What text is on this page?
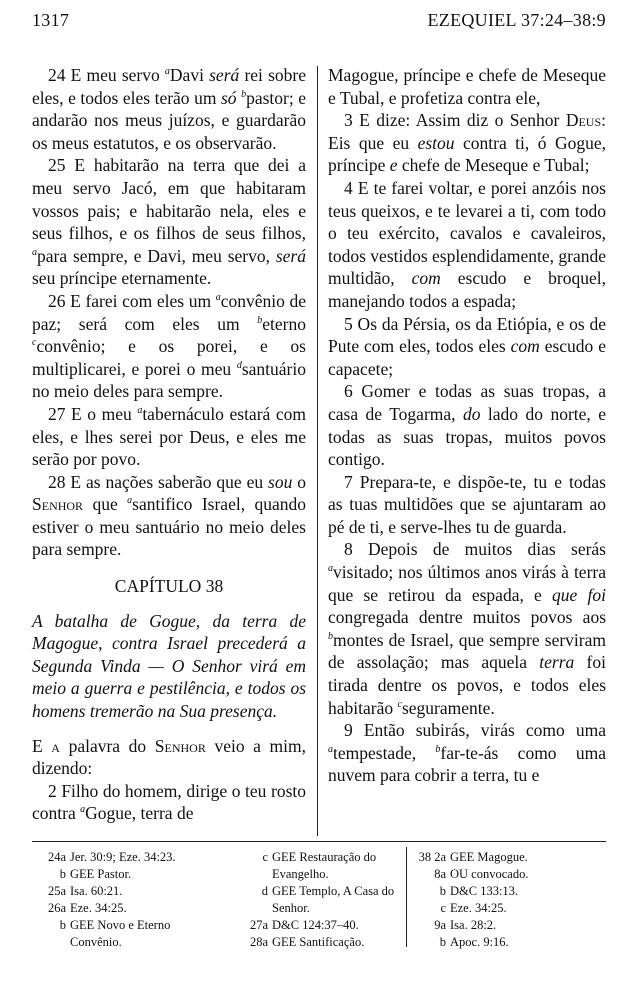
1317	EZEQUIEL 37:24–38:9

24 E meu servo $^a$Davi será rei sobre eles, e todos eles terão um só $^b$pastor; e andarão nos meus juízos, e guardarão os meus estatutos, e os observarão.

25 E habitarão na terra que dei a meu servo Jacó, em que habitaram vossos pais; e habitarão nela, eles e seus filhos, e os filhos de seus filhos, $^a$para sempre, e Davi, meu servo, será seu príncipe eternamente.

26 E farei com eles um $^a$convênio de paz; será com eles um $^b$eterno $^c$convênio; e os porei, e os multiplicarei, e porei o meu $^d$santuário no meio deles para sempre.

27 E o meu $^a$tabernáculo estará com eles, e lhes serei por Deus, e eles me serão por povo.

28 E as nações saberão que eu sou o Senhor que $^a$santifico Israel, quando estiver o meu santuário no meio deles para sempre.

CAPÍTULO 38

A batalha de Gogue, da terra de Magogue, contra Israel precederá a Segunda Vinda — O Senhor virá em meio a guerra e pestilência, e todos os homens tremerão na Sua presença.

E a palavra do Senhor veio a mim, dizendo:

2 Filho do homem, dirige o teu rosto contra $^a$Gogue, terra de

Magogue, príncipe e chefe de Meseque e Tubal, e profetiza contra ele,

3 E dize: Assim diz o Senhor Deus: Eis que eu estou contra ti, ó Gogue, príncipe e chefe de Meseque e Tubal;

4 E te farei voltar, e porei anzóis nos teus queixos, e te levarei a ti, com todo o teu exército, cavalos e cavaleiros, todos vestidos esplendidamente, grande multidão, com escudo e broquel, manejando todos a espada;

5 Os da Pérsia, os da Etiópia, e os de Pute com eles, todos eles com escudo e capacete;

6 Gomer e todas as suas tropas, a casa de Togarma, do lado do norte, e todas as suas tropas, muitos povos contigo.

7 Prepara-te, e dispõe-te, tu e todas as tuas multidões que se ajuntaram ao pé de ti, e serve-lhes tu de guarda.

8 Depois de muitos dias serás $^a$visitado; nos últimos anos virás à terra que se retirou da espada, e que foi congregada dentre muitos povos aos $^b$montes de Israel, que sempre serviram de assolação; mas aquela terra foi tirada dentre os povos, e todos eles habitarão $^c$seguramente.

9 Então subirás, virás como uma $^a$tempestade, $^b$far-te-ás como uma nuvem para cobrir a terra, tu e

24a Jer. 30:9; Eze. 34:23.
b GEE Pastor.
25a Isa. 60:21.
26a Eze. 34:25.
b GEE Novo e Eterno
Convênio.
c GEE Restauração do
Evangelho.
d GEE Templo, A Casa do
Senhor.
27a D&C 124:37–40.
28a GEE Santificação.
38 2a GEE Magogue.
8a OU convocado.
b D&C 133:13.
c Eze. 34:25.
9a Isa. 28:2.
b Apoc. 9:16.
